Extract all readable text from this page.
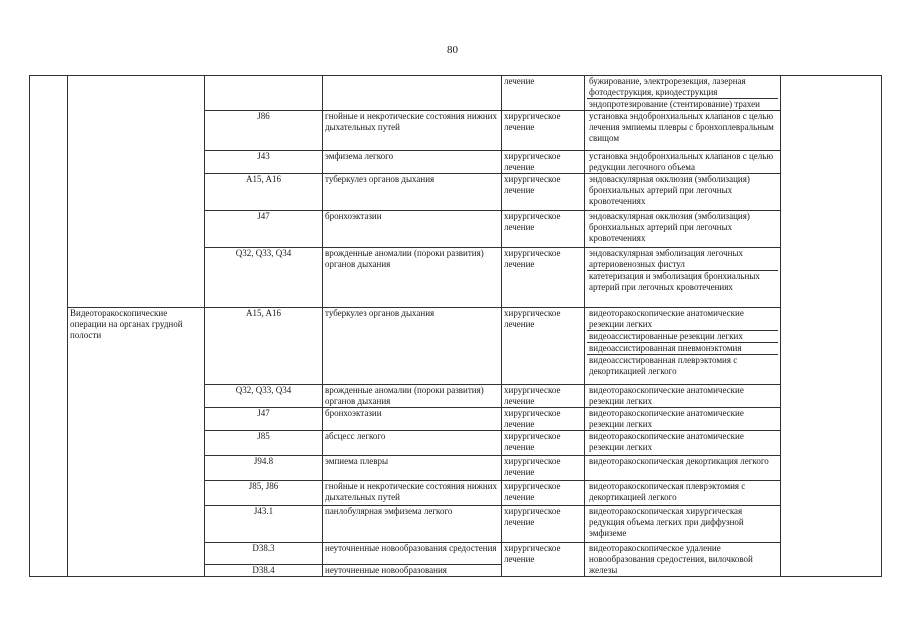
80
				лечение	бужирование, электрорезекция, лазерная фотодеструкция, криодеструкция
эндопротезирование (стентирование) трахеи	

		J86	гнойные и некротические состояния нижних дыхательных путей	хирургическое лечение	установка эндобронхиальных клапанов с целью лечения эмпиемы плевры с бронхоплевральным свищом	

		J43	эмфизема легкого	хирургическое лечение	установка эндобронхиальных клапанов с целью редукции легочного объема	

		A15, A16	туберкулез органов дыхания	хирургическое лечение	эндоваскулярная окклюзия (эмболизация) бронхиальных артерий при легочных кровотечениях	

		J47	бронхоэктазии	хирургическое лечение	эндоваскулярная окклюзия (эмболизация) бронхиальных артерий при легочных кровотечениях	

		Q32, Q33, Q34	врожденные аномалии (пороки развития) органов дыхания	хирургическое лечение	эндоваскулярная эмболизация легочных артериовенозных фистул
катетеризация и эмболизация бронхиальных артерий при легочных кровотечениях	

	Видеоторакоскопические операции на органах грудной полости	A15, A16	туберкулез органов дыхания	хирургическое лечение	видеоторакоскопические анатомические резекции легких
видеоассистированные резекции легких
видеоассистированная пневмонэктомия
видеоассистированная плеврэктомия с декортикацией легкого	

		Q32, Q33, Q34	врожденные аномалии (пороки развития) органов дыхания	хирургическое лечение	видеоторакоскопические анатомические резекции легких	

		J47	бронхоэктазии	хирургическое лечение	видеоторакоскопические анатомические резекции легких	

		J85	абсцесс легкого	хирургическое лечение	видеоторакоскопические анатомические резекции легких	

		J94.8	эмпиема плевры	хирургическое лечение	видеоторакоскопическая декортикация легкого	

		J85, J86	гнойные и некротические состояния нижних дыхательных путей	хирургическое лечение	видеоторакоскопическая плеврэктомия с декортикацией легкого	

		J43.1	панлобулярная эмфизема легкого	хирургическое лечение	видеоторакоскопическая хирургическая редукция объема легких при диффузной эмфиземе	

		D38.3	неуточненные новообразования средостения	хирургическое лечение	видеоторакоскопическое удаление новообразования средостения, вилочковой железы	

		D38.4	неуточненные новообразования			
